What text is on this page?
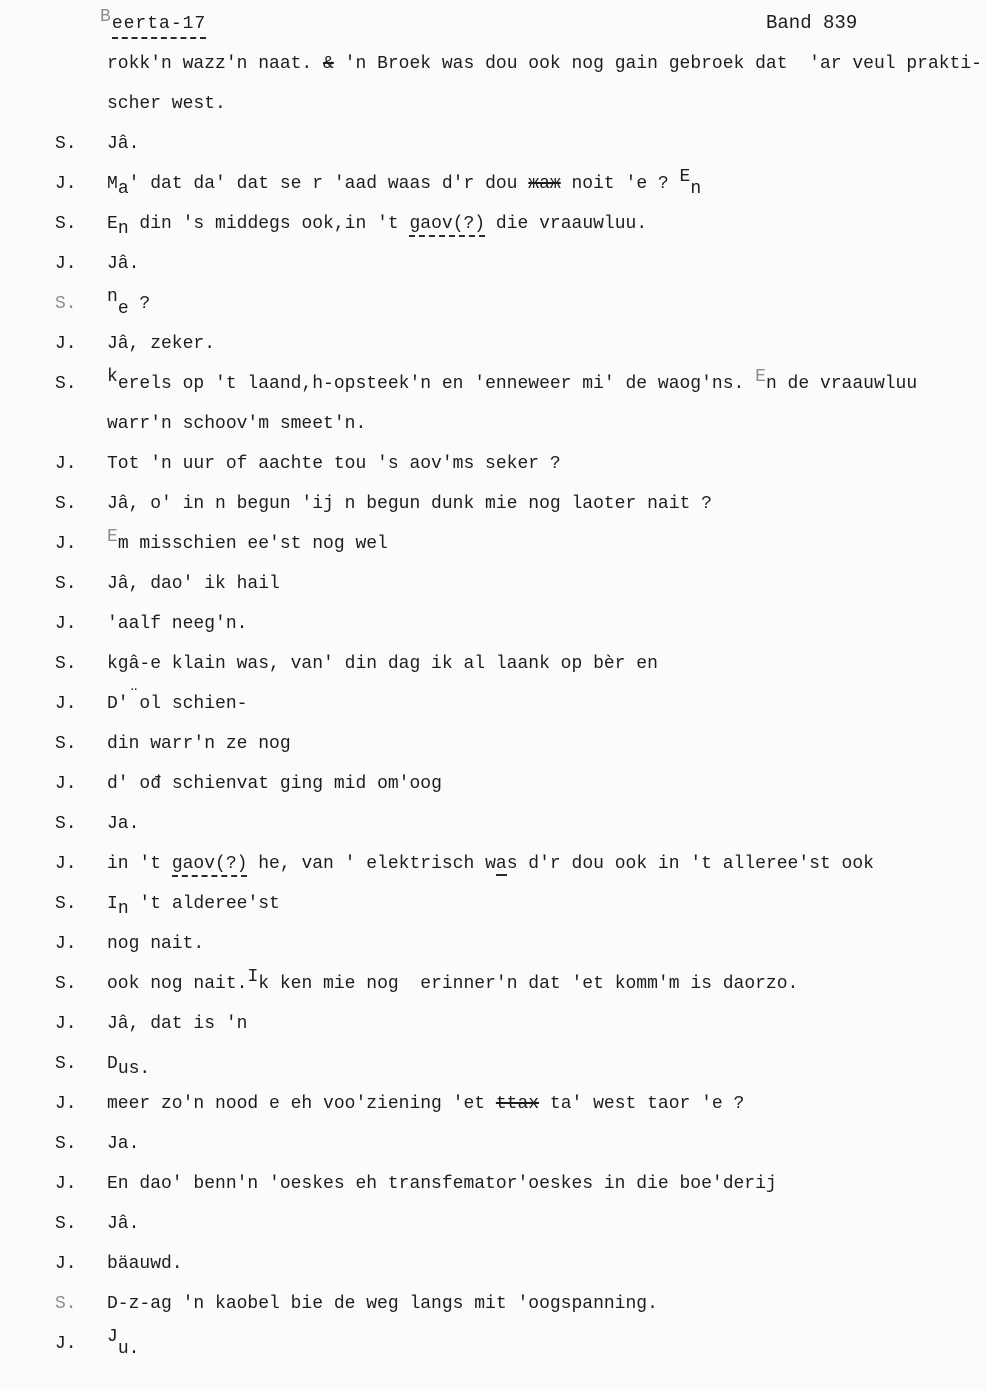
Beerta-17	Band 839
rokk'n wazz'n naat. & 'n Broek was dou ook nog gain gebroek dat  'ar veul prakti-
scher west.
S.	Jâ.
J.	Ma' dat da' dat se r 'aad waas d'r dou жаж noit 'e ? En
S.	En din 's middegs ook,in 't gaov(?) die vraauwluu.
J.	Jâ.
S.	ne ?
J.	Jâ, zeker.
S.	kerels op 't laand,h-opsteek'n en 'enneweer mi' de waog'ns. En de vraauwluu
warr'n schoov'm smeet'n.
J.	Tot 'n uur of aachte tou 's aov'ms seker ?
S.	Jâ, o' in n begun 'ij n begun dunk mie nog laoter nait ?
J.	Em misschien ee'st nog wel
S.	Jâ, dao' ik hail
J.	'aalf neeg'n.
S.	kgâ-e klain was, van' din dag ik al laank op bèr en
J.	D'¨ol schien-
S.	din warr'n ze nog
J.	d' ođ schienvat ging mid om'oog
S.	Ja.
J.	in 't gaov(?) he, van ' elektrisch was d'r dou ook in 't alleree'st ook
S.	In 't alderee'st
J.	nog nait.
S.	ook nog nait.Ik ken mie nog  erinner'n dat 'et komm'm is daorzo.
J.	Jâ, dat is 'n
S.	Dus.
J.	meer zo'n nood e eh voo'ziening 'et ttax ta' west taor 'e ?
S.	Ja.
J.	En dao' benn'n 'oeskes eh transfemator'oeskes in die boe'derij
S.	Jâ.
J.	bäauwd.
S.	D-z-ag 'n kaobel bie de weg langs mit 'oogspanning.
J.	Ju.
